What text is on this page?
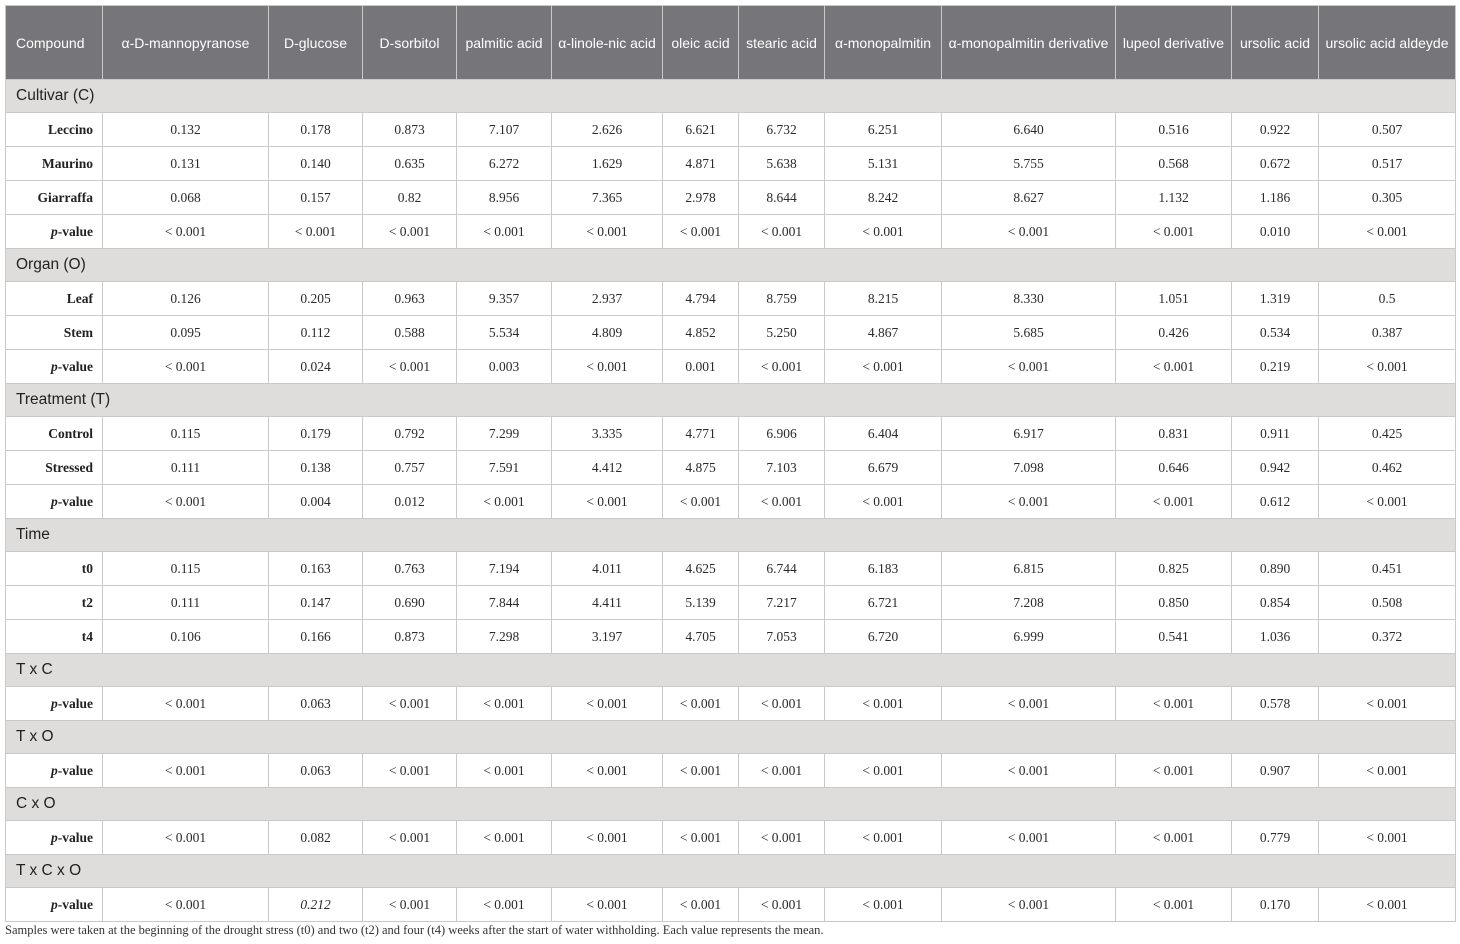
Compound	α-D-mannopyranose	D-glucose	D-sorbitol	palmitic acid	α-linole-nic acid	oleic acid	stearic acid	α-monopalmitin	α-monopalmitin derivative	lupeol derivative	ursolic acid	ursolic acid aldeyde
Cultivar (C)												
Leccino	0.132	0.178	0.873	7.107	2.626	6.621	6.732	6.251	6.640	0.516	0.922	0.507
Maurino	0.131	0.140	0.635	6.272	1.629	4.871	5.638	5.131	5.755	0.568	0.672	0.517
Giarraffa	0.068	0.157	0.82	8.956	7.365	2.978	8.644	8.242	8.627	1.132	1.186	0.305
p-value	< 0.001	< 0.001	< 0.001	< 0.001	< 0.001	< 0.001	< 0.001	< 0.001	< 0.001	< 0.001	0.010	< 0.001
Organ (O)												
Leaf	0.126	0.205	0.963	9.357	2.937	4.794	8.759	8.215	8.330	1.051	1.319	0.5
Stem	0.095	0.112	0.588	5.534	4.809	4.852	5.250	4.867	5.685	0.426	0.534	0.387
p-value	< 0.001	0.024	< 0.001	0.003	< 0.001	0.001	< 0.001	< 0.001	< 0.001	< 0.001	0.219	< 0.001
Treatment (T)												
Control	0.115	0.179	0.792	7.299	3.335	4.771	6.906	6.404	6.917	0.831	0.911	0.425
Stressed	0.111	0.138	0.757	7.591	4.412	4.875	7.103	6.679	7.098	0.646	0.942	0.462
p-value	< 0.001	0.004	0.012	< 0.001	< 0.001	< 0.001	< 0.001	< 0.001	< 0.001	< 0.001	0.612	< 0.001
Time												
t0	0.115	0.163	0.763	7.194	4.011	4.625	6.744	6.183	6.815	0.825	0.890	0.451
t2	0.111	0.147	0.690	7.844	4.411	5.139	7.217	6.721	7.208	0.850	0.854	0.508
t4	0.106	0.166	0.873	7.298	3.197	4.705	7.053	6.720	6.999	0.541	1.036	0.372
T x C												
p-value	< 0.001	0.063	< 0.001	< 0.001	< 0.001	< 0.001	< 0.001	< 0.001	< 0.001	< 0.001	0.578	< 0.001
T x O												
p-value	< 0.001	0.063	< 0.001	< 0.001	< 0.001	< 0.001	< 0.001	< 0.001	< 0.001	< 0.001	0.907	< 0.001
C x O												
p-value	< 0.001	0.082	< 0.001	< 0.001	< 0.001	< 0.001	< 0.001	< 0.001	< 0.001	< 0.001	0.779	< 0.001
T x C x O												
p-value	< 0.001	0.212	< 0.001	< 0.001	< 0.001	< 0.001	< 0.001	< 0.001	< 0.001	< 0.001	0.170	< 0.001
Samples were taken at the beginning of the drought stress (t0) and two (t2) and four (t4) weeks after the start of water withholding. Each value represents the mean.
